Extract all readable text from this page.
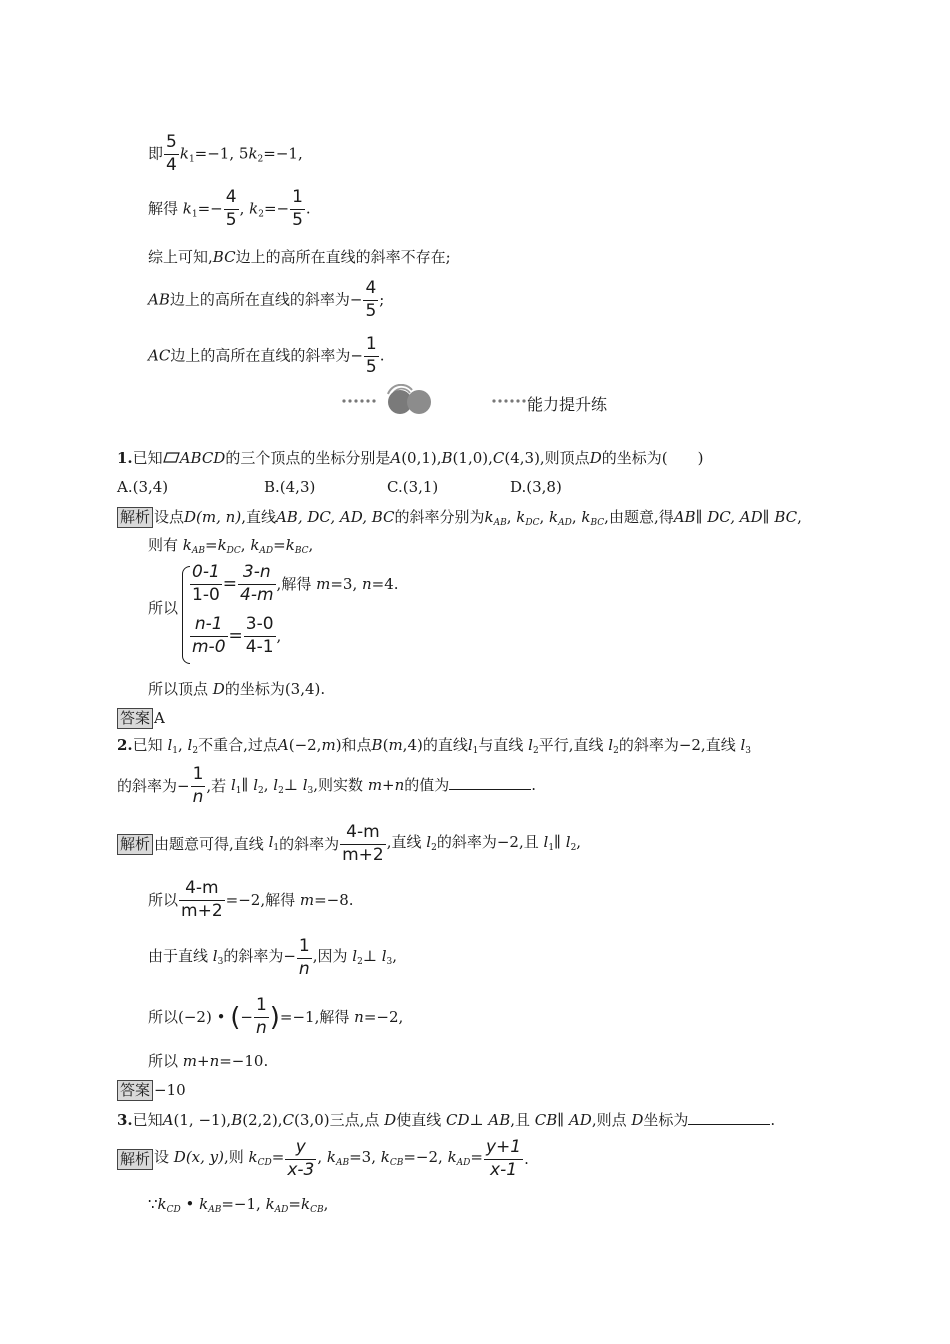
即 $\frac{5}{4} k_1=-1$, $5k_2=-1$,
解得 $k_1=- \frac{4}{5}$ , $k_2=- \frac{1}{5}$ .
综上可知,BC边上的高所在直线的斜率不存在;
AB边上的高所在直线的斜率为− $\frac{4}{5}$ ;
AC边上的高所在直线的斜率为− $\frac{1}{5}$ .
能力提升练
1.已知 ABCD的三个顶点的坐标分别是A(0,1),B(1,0),C(4,3),则顶点D的坐标为(　　)
A.(3,4)	B.(4,3)	C.(3,1)	D.(3,8)
解析 设点D(m, n),直线AB, DC, AD, BC的斜率分别为$k_{AB}$, $k_{DC}$, $k_{AD}$, $k_{BC}$,由题意,得AB∥ DC, AD∥ BC,
则有 $k_{AB}=k_{DC}$, $k_{AD}=k_{BC}$,
所以
$\frac{0-1}{1-0} = \frac{3-n}{4-m}$ ,解得 m=3, n=4.
$\frac{n-1}{m-0} = \frac{3-0}{4-1}$ ,
所以顶点 D的坐标为(3,4).
答案 A
2.已知 $l_1$, $l_2$不重合,过点A(−2,m)和点B(m,4)的直线$l_1$与直线 $l_2$平行,直线 $l_2$的斜率为−2,直线 $l_3$
的斜率为− $\frac{1}{n}$ ,若 $l_1\parallel$ $l_2$, $l_2\perp$ $l_3$,则实数 m+n的值为	.
解析 由题意可得,直线 $l_1$的斜率为 $\frac{4-m}{m+2}$ ,直线 $l_2$的斜率为−2,且 $l_1\parallel$ $l_2$,
所以 $\frac{4-m}{m+2} =-2$,解得 m=−8.
由于直线 $l_3$的斜率为− $\frac{1}{n}$ ,因为 $l_2\perp$ $l_3$,
所以(−2) • (− $\frac{1}{n} )=-1$,解得 n=−2,
所以 m+n=−10.
答案 −10
3.已知A(1, −1),B(2,2),C(3,0)三点,点 D使直线 CD⊥ AB,且 CB∥ AD,则点 D坐标为	.
解析 设 D(x, y),则 $k_{CD}= \frac{y}{x-3}$ , $k_{AB}=3$, $k_{CB}=-2$, $k_{AD}= \frac{y+1}{x-1}$ .
$\because k_{CD}$ • $k_{AB}=-1$, $k_{AD}=k_{CB}$,
